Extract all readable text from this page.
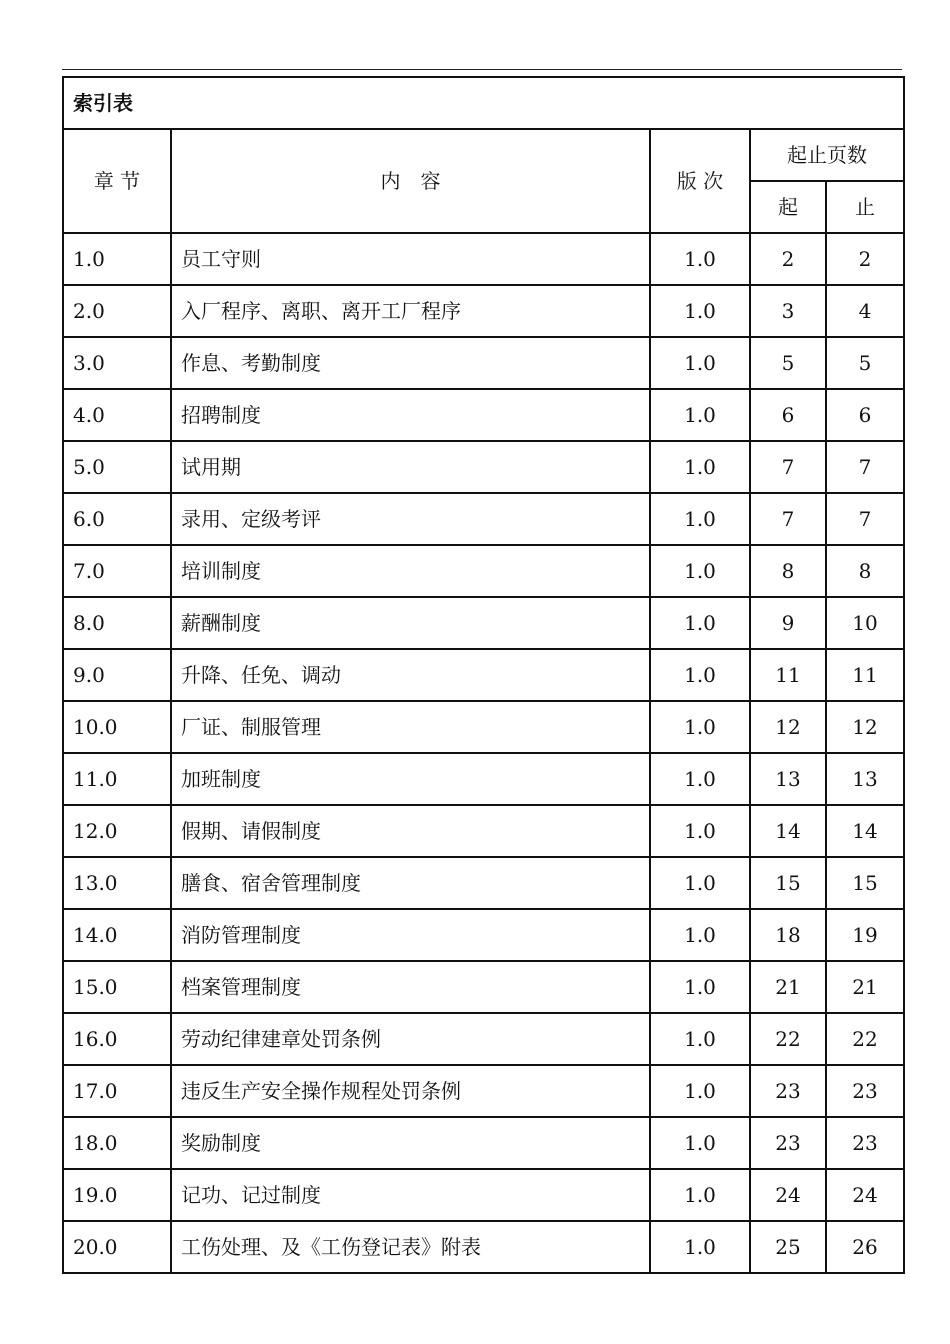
索引表				
章 节	内　容	版 次	起止页数	
			起	止
1.0	员工守则	1.0	2	2
2.0	入厂程序、离职、离开工厂程序	1.0	3	4
3.0	作息、考勤制度	1.0	5	5
4.0	招聘制度	1.0	6	6
5.0	试用期	1.0	7	7
6.0	录用、定级考评	1.0	7	7
7.0	培训制度	1.0	8	8
8.0	薪酬制度	1.0	9	10
9.0	升降、任免、调动	1.0	11	11
10.0	厂证、制服管理	1.0	12	12
11.0	加班制度	1.0	13	13
12.0	假期、请假制度	1.0	14	14
13.0	膳食、宿舍管理制度	1.0	15	15
14.0	消防管理制度	1.0	18	19
15.0	档案管理制度	1.0	21	21
16.0	劳动纪律建章处罚条例	1.0	22	22
17.0	违反生产安全操作规程处罚条例	1.0	23	23
18.0	奖励制度	1.0	23	23
19.0	记功、记过制度	1.0	24	24
20.0	工伤处理、及《工伤登记表》附表	1.0	25	26
